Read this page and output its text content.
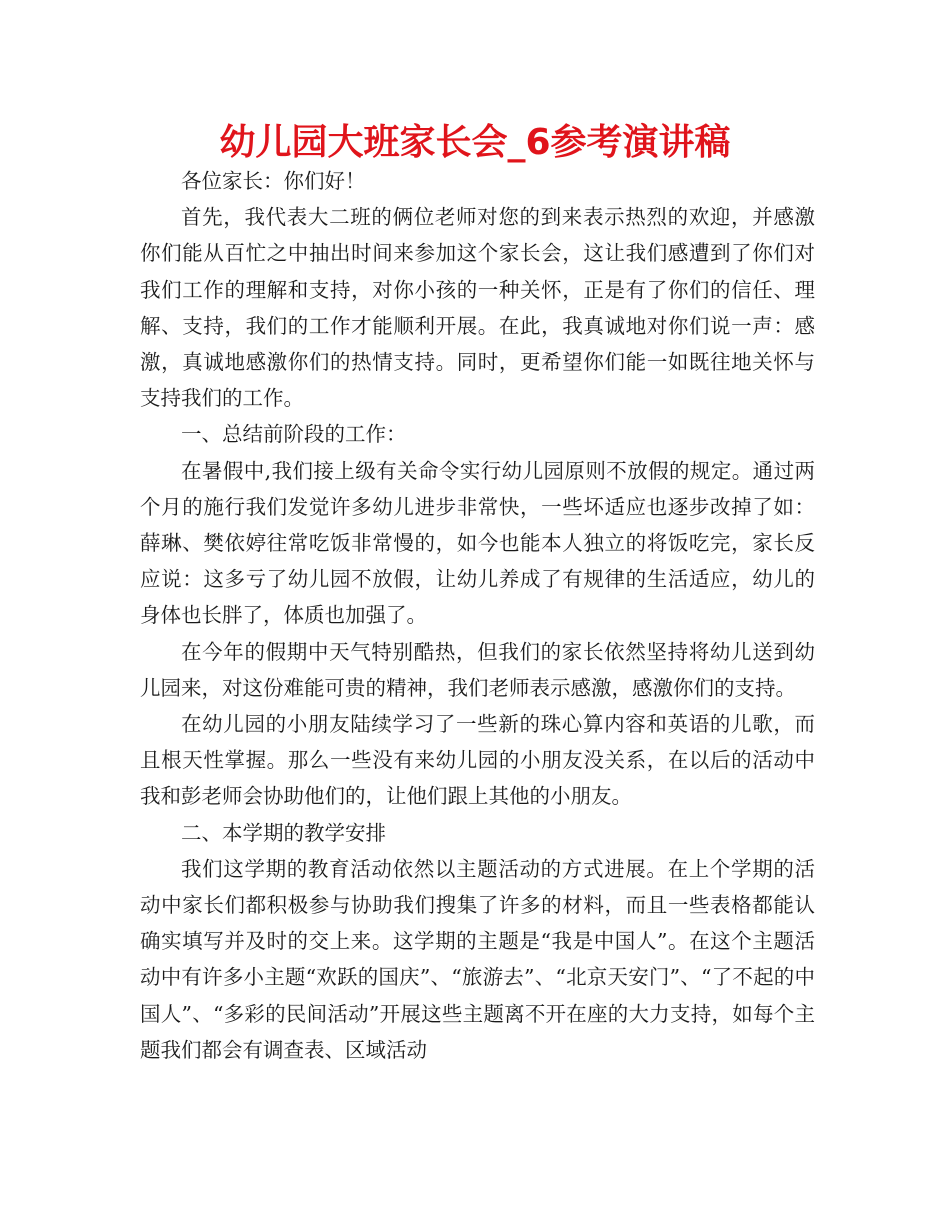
幼儿园大班家长会_6参考演讲稿

各位家长：你们好！

首先，我代表大二班的俩位老师对您的到来表示热烈的欢迎，并感激你们能从百忙之中抽出时间来参加这个家长会，这让我们感遭到了你们对我们工作的理解和支持，对你小孩的一种关怀，正是有了你们的信任、理解、支持，我们的工作才能顺利开展。在此，我真诚地对你们说一声：感激，真诚地感激你们的热情支持。同时，更希望你们能一如既往地关怀与支持我们的工作。

一、总结前阶段的工作：

在暑假中,我们接上级有关命令实行幼儿园原则不放假的规定。通过两个月的施行我们发觉许多幼儿进步非常快，一些坏适应也逐步改掉了如：薛琳、樊依婷往常吃饭非常慢的，如今也能本人独立的将饭吃完，家长反应说：这多亏了幼儿园不放假，让幼儿养成了有规律的生活适应，幼儿的身体也长胖了，体质也加强了。

在今年的假期中天气特别酷热，但我们的家长依然坚持将幼儿送到幼儿园来，对这份难能可贵的精神，我们老师表示感激，感激你们的支持。

在幼儿园的小朋友陆续学习了一些新的珠心算内容和英语的儿歌，而且根天性掌握。那么一些没有来幼儿园的小朋友没关系，在以后的活动中我和彭老师会协助他们的，让他们跟上其他的小朋友。

二、本学期的教学安排

我们这学期的教育活动依然以主题活动的方式进展。在上个学期的活动中家长们都积极参与协助我们搜集了许多的材料，而且一些表格都能认确实填写并及时的交上来。这学期的主题是“我是中国人”。在这个主题活动中有许多小主题“欢跃的国庆”、“旅游去”、“北京天安门”、“了不起的中国人”、“多彩的民间活动”开展这些主题离不开在座的大力支持，如每个主题我们都会有调查表、区域活动
